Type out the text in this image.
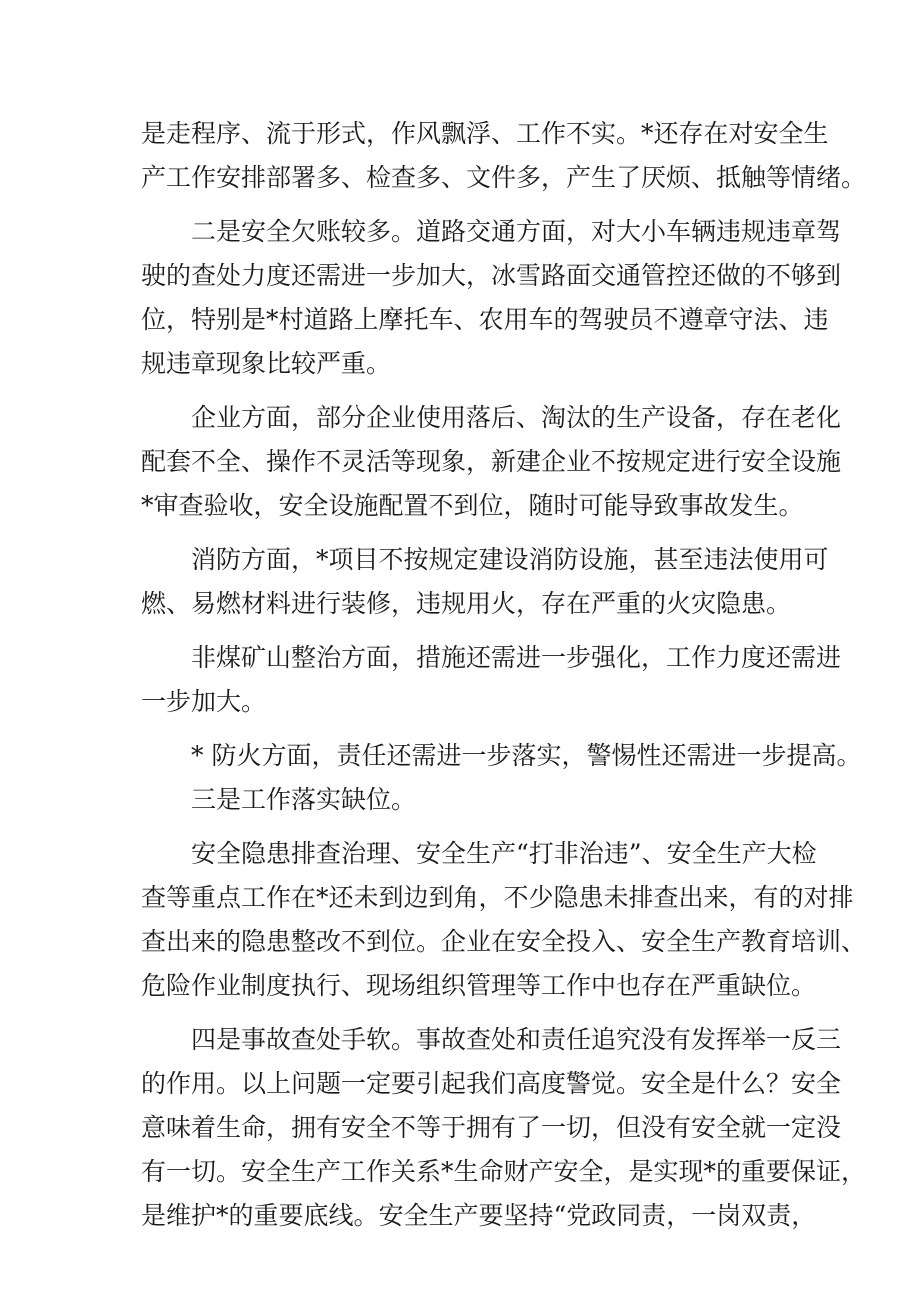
是走程序、流于形式，作风飘浮、工作不实。*还存在对安全生
产工作安排部署多、检查多、文件多，产生了厌烦、抵触等情绪。
二是安全欠账较多。道路交通方面，对大小车辆违规违章驾
驶的查处力度还需进一步加大，冰雪路面交通管控还做的不够到
位，特别是*村道路上摩托车、农用车的驾驶员不遵章守法、违
规违章现象比较严重。
企业方面，部分企业使用落后、淘汰的生产设备，存在老化
配套不全、操作不灵活等现象，新建企业不按规定进行安全设施
*审查验收，安全设施配置不到位，随时可能导致事故发生。
消防方面，*项目不按规定建设消防设施，甚至违法使用可
燃、易燃材料进行装修，违规用火，存在严重的火灾隐患。
非煤矿山整治方面，措施还需进一步强化，工作力度还需进
一步加大。
* 防火方面，责任还需进一步落实，警惕性还需进一步提高。
三是工作落实缺位。
安全隐患排查治理、安全生产“打非治违”、安全生产大检
查等重点工作在*还未到边到角，不少隐患未排查出来，有的对排
查出来的隐患整改不到位。企业在安全投入、安全生产教育培训、
危险作业制度执行、现场组织管理等工作中也存在严重缺位。
四是事故查处手软。事故查处和责任追究没有发挥举一反三
的作用。以上问题一定要引起我们高度警觉。安全是什么？安全
意味着生命，拥有安全不等于拥有了一切，但没有安全就一定没
有一切。安全生产工作关系*生命财产安全，是实现*的重要保证，
是维护*的重要底线。安全生产要坚持“党政同责，一岗双责，
